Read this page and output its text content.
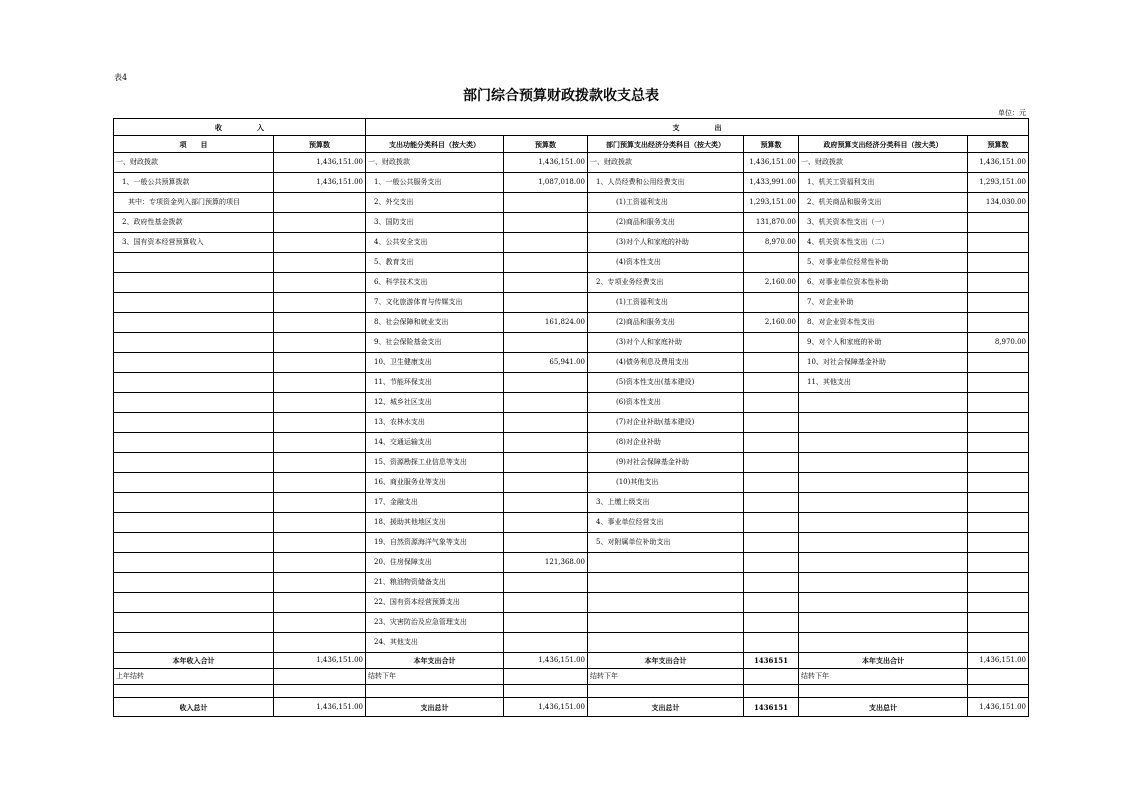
表4
部门综合预算财政拨款收支总表
单位：元
收　　　　　入		支　　　　　出					
项　　目	预算数	支出功能分类科目（按大类）	预算数	部门预算支出经济分类科目（按大类）	预算数	政府预算支出经济分类科目（按大类）	预算数
一、财政拨款	1,436,151.00	一、财政拨款	1,436,151.00	一、财政拨款	1,436,151.00	一、财政拨款	1,436,151.00
1、一般公共预算拨款	1,436,151.00	1、一般公共服务支出	1,087,018.00	1、人员经费和公用经费支出	1,433,991.00	1、机关工资福利支出	1,293,151.00
其中：专项资金列入部门预算的项目		2、外交支出		(1)工资福利支出	1,293,151.00	2、机关商品和服务支出	134,030.00
2、政府性基金拨款		3、国防支出		(2)商品和服务支出	131,870.00	3、机关资本性支出（一）	
3、国有资本经营预算收入		4、公共安全支出		(3)对个人和家庭的补助	8,970.00	4、机关资本性支出（二）	
		5、教育支出		(4)资本性支出		5、对事业单位经常性补助	
		6、科学技术支出		2、专项业务经费支出	2,160.00	6、对事业单位资本性补助	
		7、文化旅游体育与传媒支出		(1)工资福利支出		7、对企业补助	
		8、社会保障和就业支出	161,824.00	(2)商品和服务支出	2,160.00	8、对企业资本性支出	
		9、社会保险基金支出		(3)对个人和家庭补助		9、对个人和家庭的补助	8,970.00
		10、卫生健康支出	65,941.00	(4)债务利息及费用支出		10、对社会保障基金补助	
		11、节能环保支出		(5)资本性支出(基本建设)		11、其他支出	
		12、城乡社区支出		(6)资本性支出			
		13、农林水支出		(7)对企业补助(基本建设)			
		14、交通运输支出		(8)对企业补助			
		15、资源勘探工业信息等支出		(9)对社会保障基金补助			
		16、商业服务业等支出		(10)其他支出			
		17、金融支出		3、上缴上级支出			
		18、援助其他地区支出		4、事业单位经营支出			
		19、自然资源海洋气象等支出		5、对附属单位补助支出			
		20、住房保障支出	121,368.00				
		21、粮油物资储备支出					
		22、国有资本经营预算支出					
		23、灾害防治及应急管理支出					
		24、其他支出					
本年收入合计	1,436,151.00	本年支出合计	1,436,151.00	本年支出合计	1436151	本年支出合计	1,436,151.00
上年结转		结转下年		结转下年		结转下年	

收入总计	1,436,151.00	支出总计	1,436,151.00	支出总计	1436151	支出总计	1,436,151.00
